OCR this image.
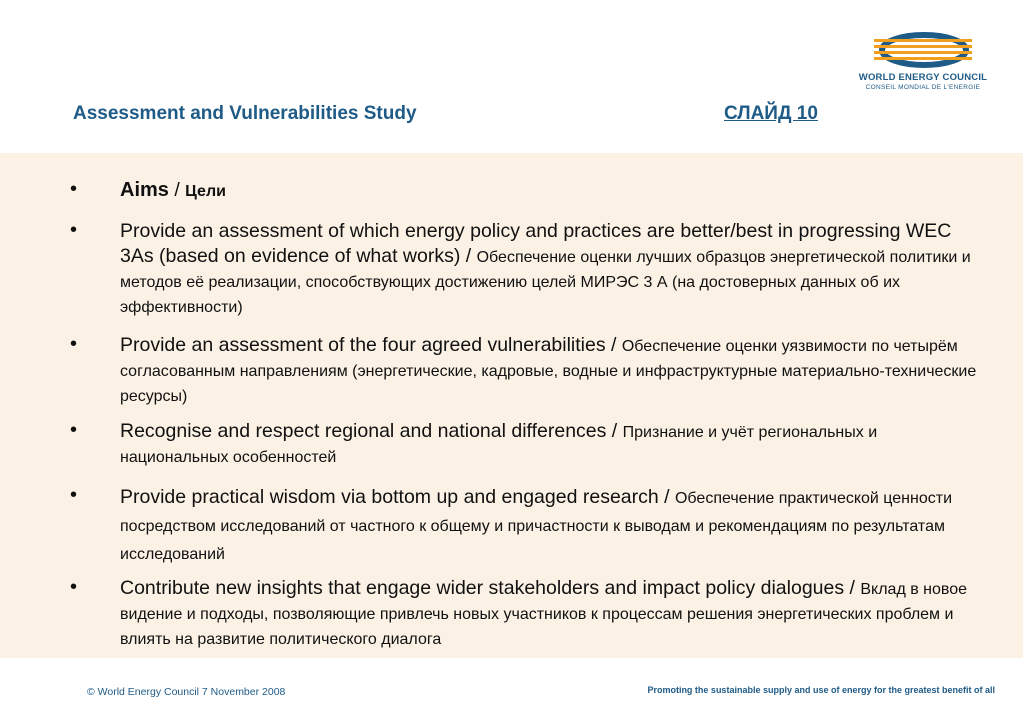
WORLD ENERGY COUNCIL
CONSEIL MONDIAL DE L'ENERGIE
Assessment and Vulnerabilities Study	СЛАЙД 10
• Aims / Цели
• Provide an assessment of which energy policy and practices are better/best in progressing WEC 3As (based on evidence of what works) / Обеспечение оценки лучших образцов энергетической политики и методов её реализации, способствующих достижению целей МИРЭС 3 А (на достоверных данных об их эффективности)
• Provide an assessment of the four agreed vulnerabilities / Обеспечение оценки уязвимости по четырём согласованным направлениям (энергетические, кадровые, водные и инфраструктурные материально-технические ресурсы)
• Recognise and respect regional and national differences / Признание и учёт региональных и национальных особенностей
• Provide practical wisdom via bottom up and engaged research / Обеспечение практической ценности посредством исследований от частного к общему и причастности к выводам и рекомендациям по результатам исследований
• Contribute new insights that engage wider stakeholders and impact policy dialogues / Вклад в новое видение и подходы, позволяющие привлечь новых участников к процессам решения энергетических проблем и влиять на развитие политического диалога
© World Energy Council 7 November 2008	Promoting the sustainable supply and use of energy for the greatest benefit of all
